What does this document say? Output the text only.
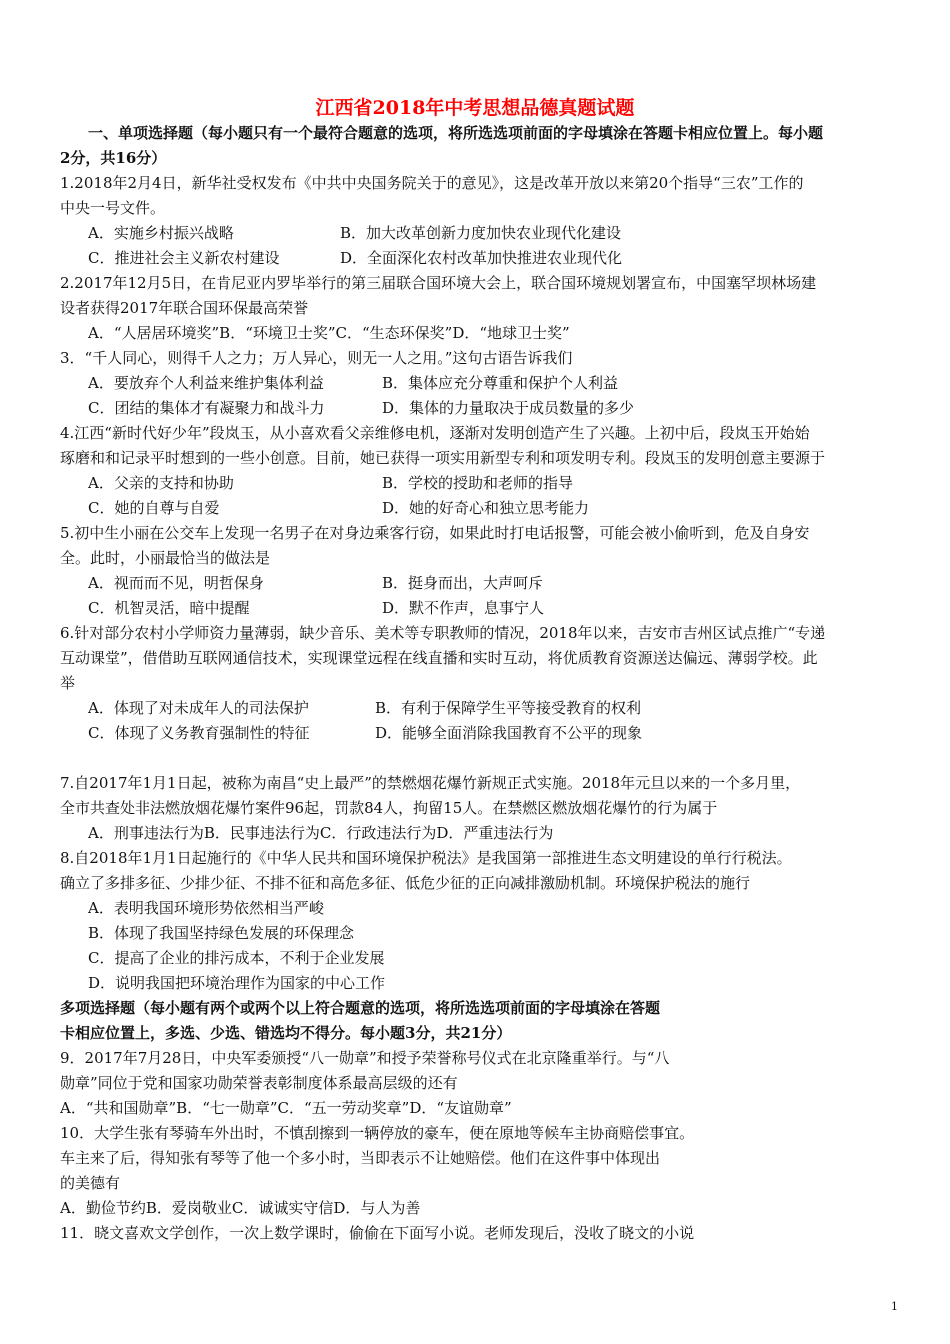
江西省2018年中考思想品德真题试题
一、单项选择题（每小题只有一个最符合题意的选项，将所选选项前面的字母填涂在答题卡相应位置上。每小题
2分，共16分）
1.2018年2月4日，新华社受权发布《中共中央国务院关于的意见》，这是改革开放以来第20个指导“三农”工作的
中央一号文件。
A．实施乡村振兴战略	B．加大改革创新力度加快农业现代化建设
C．推进社会主义新农村建设	D．全面深化农村改革加快推进农业现代化
2.2017年12月5日，在肯尼亚内罗毕举行的第三届联合国环境大会上，联合国环境规划署宣布，中国塞罕坝林场建
设者获得2017年联合国环保最高荣誉
A．“人居居环境奖”B．“环境卫士奖”C．“生态环保奖”D．“地球卫士奖”
3．“千人同心，则得千人之力；万人异心，则无一人之用。”这句古语告诉我们
A．要放弃个人利益来维护集体利益	B．集体应充分尊重和保护个人利益
C．团结的集体才有凝聚力和战斗力	D．集体的力量取决于成员数量的多少
4.江西“新时代好少年”段岚玉，从小喜欢看父亲维修电机，逐渐对发明创造产生了兴趣。上初中后，段岚玉开始始
琢磨和和记录平时想到的一些小创意。目前，她已获得一项实用新型专利和项发明专利。段岚玉的发明创意主要源于
A．父亲的支持和协助	B．学校的授助和老师的指导
C．她的自尊与自爱	D．她的好奇心和独立思考能力
5.初中生小丽在公交车上发现一名男子在对身边乘客行窃，如果此时打电话报警，可能会被小偷听到，危及自身安
全。此时，小丽最恰当的做法是
A．视而而不见，明哲保身	B．挺身而出，大声呵斥
C．机智灵活，暗中提醒	D．默不作声，息事宁人
6.针对部分农村小学师资力量薄弱，缺少音乐、美术等专职教师的情况，2018年以来，吉安市吉州区试点推广“专递
互动课堂”，借借助互联网通信技术，实现课堂远程在线直播和实时互动，将优质教育资源送达偏远、薄弱学校。此
举
A．体现了对未成年人的司法保护	B．有利于保障学生平等接受教育的权利
C．体现了义务教育强制性的特征	D．能够全面消除我国教育不公平的现象
7.自2017年1月1日起，被称为南昌“史上最严”的禁燃烟花爆竹新规正式实施。2018年元旦以来的一个多月里，
全市共查处非法燃放烟花爆竹案件96起，罚款84人，拘留15人。在禁燃区燃放烟花爆竹的行为属于
A．刑事违法行为B．民事违法行为C．行政违法行为D．严重违法行为
8.自2018年1月1日起施行的《中华人民共和国环境保护税法》是我国第一部推进生态文明建设的单行行税法。
确立了多排多征、少排少征、不排不征和高危多征、低危少征的正向减排激励机制。环境保护税法的施行
A．表明我国环境形势依然相当严峻
B．体现了我国坚持绿色发展的环保理念
C．提高了企业的排污成本，不利于企业发展
D．说明我国把环境治理作为国家的中心工作
多项选择题（每小题有两个或两个以上符合题意的选项，将所选选项前面的字母填涂在答题
卡相应位置上，多选、少选、错选均不得分。每小题3分，共21分）
9．2017年7月28日，中央军委颁授“八一勋章”和授予荣誉称号仪式在北京隆重举行。与“八
勋章”同位于党和国家功勋荣誉表彰制度体系最高层级的还有
A．“共和国勋章”B．“七一勋章”C．“五一劳动奖章”D．“友谊勋章”
10．大学生张有琴骑车外出时，不慎刮擦到一辆停放的豪车，便在原地等候车主协商赔偿事宜。
车主来了后，得知张有琴等了他一个多小时，当即表示不让她赔偿。他们在这件事中体现出
的美德有
A．勤俭节约B．爱岗敬业C．诚诚实守信D．与人为善
11．晓文喜欢文学创作，一次上数学课时，偷偷在下面写小说。老师发现后，没收了晓文的小说
1
